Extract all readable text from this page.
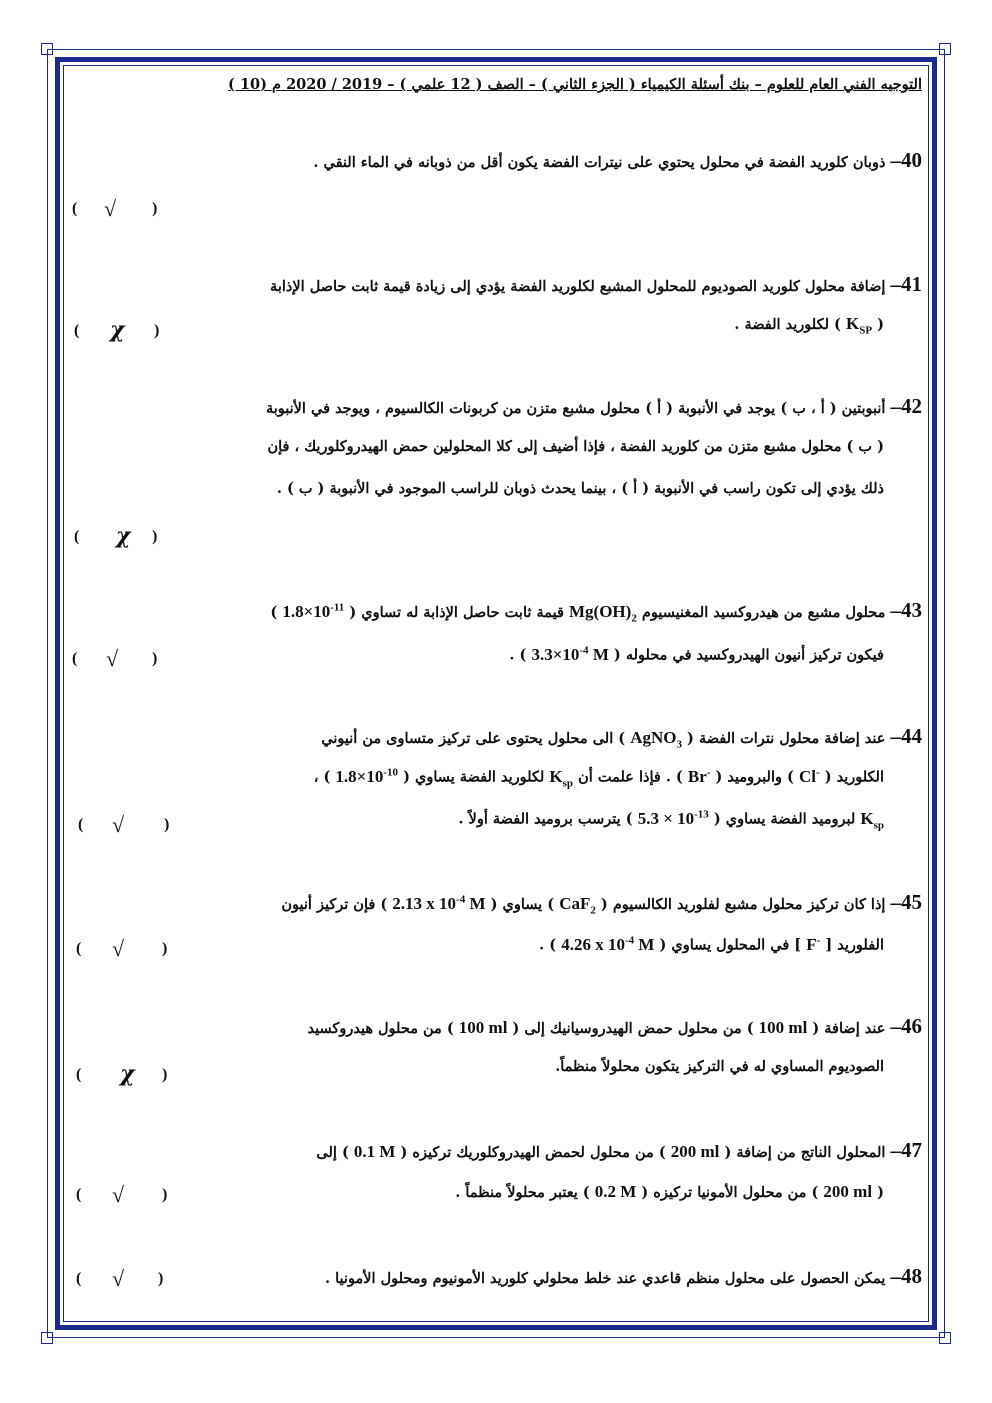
التوجيه الفني العام للعلوم – بنك أسئلة الكيمياء ( الجزء الثاني ) – الصف ( 12 علمي ) – 2019 / 2020 م (10 )
40– ذوبان كلوريد الفضة في محلول يحتوي على نيترات الفضة يكون أقل من ذوبانه في الماء النقي .
( √ )
41– إضافة محلول كلوريد الصوديوم للمحلول المشبع لكلوريد الفضة يؤدي إلى زيادة قيمة ثابت حاصل الإذابة
( $K_{SP}$ ) لكلوريد الفضة .
( χ )
42– أنبوبتين ( أ ، ب ) يوجد في الأنبوبة ( أ ) محلول مشبع متزن من كربونات الكالسيوم ، ويوجد في الأنبوبة
( ب ) محلول مشبع متزن من كلوريد الفضة ، فإذا أضيف إلى كلا المحلولين حمض الهيدروكلوريك ، فإن
ذلك يؤدي إلى تكون راسب في الأنبوبة ( أ ) ، بينما يحدث ذوبان للراسب الموجود في الأنبوبة ( ب ) .
( χ )
43– محلول مشبع من هيدروكسيد المغنيسيوم $Mg(OH)_2$ قيمة ثابت حاصل الإذابة له تساوي ( $1.8\times 10^{-11}$ )
فيكون تركيز أنيون الهيدروكسيد في محلوله ( $3.3\times 10^{-4}$ M ) .
( √ )
44– عند إضافة محلول نترات الفضة ( AgNO$_3$ ) الى محلول يحتوى على تركيز متساوى من أنيوني
الكلوريد ( Cl- ) والبروميد ( Br- ) . فإذا علمت أن $K_{sp}$ لكلوريد الفضة يساوي ( $1.8\times 10^{-10}$ ) ،
$K_{sp}$ لبروميد الفضة يساوي ( $5.3 \times 10^{-13}$ ) يترسب بروميد الفضة أولاً .
( √ )
45– إذا كان تركيز محلول مشبع لفلوريد الكالسيوم ( CaF$_2$ ) يساوي ( 2.13 x $10^{-4}$ M ) فإن تركيز أنيون
الفلوريد [ F- ] في المحلول يساوي ( 4.26 x $10^{-4}$ M ) .
( √ )
46– عند إضافة ( 100 ml ) من محلول حمض الهيدروسيانيك إلى ( 100 ml ) من محلول هيدروكسيد
الصوديوم المساوي له في التركيز يتكون محلولاً منظماً.
( χ )
47– المحلول الناتج من إضافة ( 200 ml ) من محلول لحمض الهيدروكلوريك تركيزه ( 0.1 M ) إلى
( 200 ml ) من محلول الأمونيا تركيزه ( 0.2 M ) يعتبر محلولاً منظماً .
( √ )
48– يمكن الحصول على محلول منظم قاعدي عند خلط محلولي كلوريد الأمونيوم ومحلول الأمونيا .
( √ )
